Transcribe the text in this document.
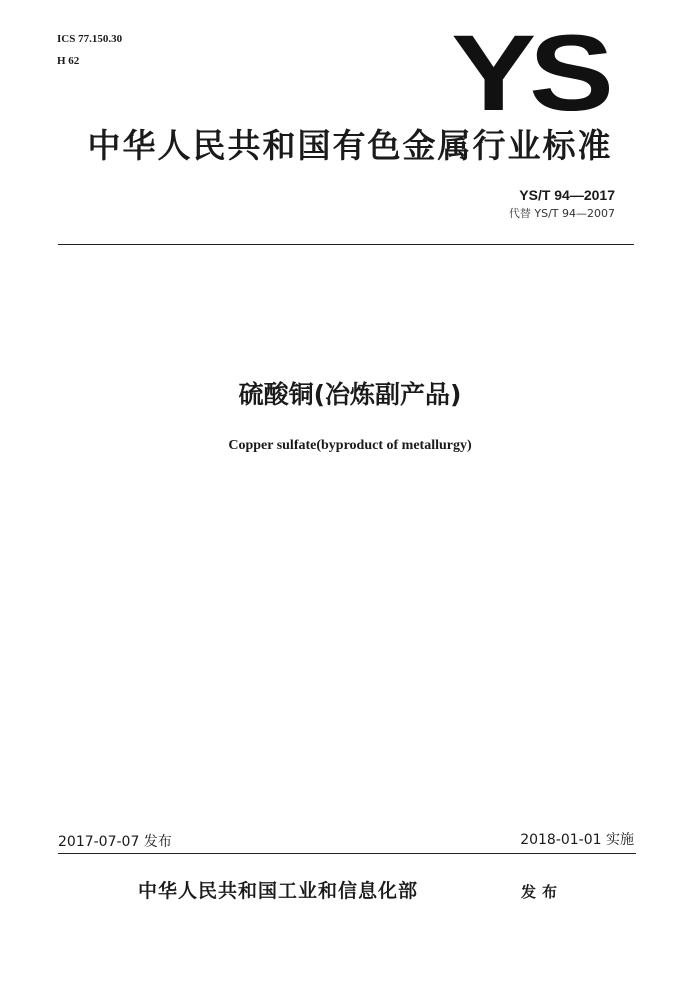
ICS 77.150.30
H 62	YS
中华人民共和国有色金属行业标准
YS/T 94—2017
代替 YS/T 94—2007
硫酸铜(冶炼副产品)
Copper sulfate(byproduct of metallurgy)
2017-07-07 发布	2018-01-01 实施
中华人民共和国工业和信息化部	发布
